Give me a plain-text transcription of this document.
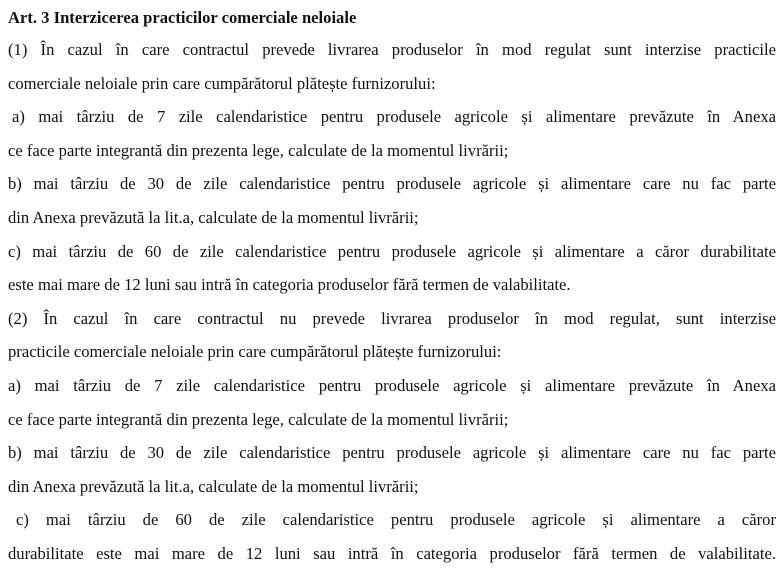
Art. 3 Interzicerea practicilor comerciale neloiale
(1) În cazul în care contractul prevede livrarea produselor în mod regulat sunt interzise practicile
comerciale neloiale prin care cumpărătorul plătește furnizorului:
a) mai târziu de 7 zile calendaristice pentru produsele agricole și alimentare prevăzute în Anexa
ce face parte integrantă din prezenta lege, calculate de la momentul livrării;
b) mai târziu de 30 de zile calendaristice pentru produsele agricole și alimentare care nu fac parte
din Anexa prevăzută la lit.a, calculate de la momentul livrării;
c) mai târziu de 60 de zile calendaristice pentru produsele agricole și alimentare a căror durabilitate
este mai mare de 12 luni sau intră în categoria produselor fără termen de valabilitate.
(2) În cazul în care contractul nu prevede livrarea produselor în mod regulat, sunt interzise
practicile comerciale neloiale prin care cumpărătorul plătește furnizorului:
a) mai târziu de 7 zile calendaristice pentru produsele agricole și alimentare prevăzute în Anexa
ce face parte integrantă din prezenta lege, calculate de la momentul livrării;
b) mai târziu de 30 de zile calendaristice pentru produsele agricole și alimentare care nu fac parte
din Anexa prevăzută la lit.a, calculate de la momentul livrării;
c) mai târziu de 60 de zile calendaristice pentru produsele agricole și alimentare a căror
durabilitate este mai mare de 12 luni sau intră în categoria produselor fără termen de valabilitate.
